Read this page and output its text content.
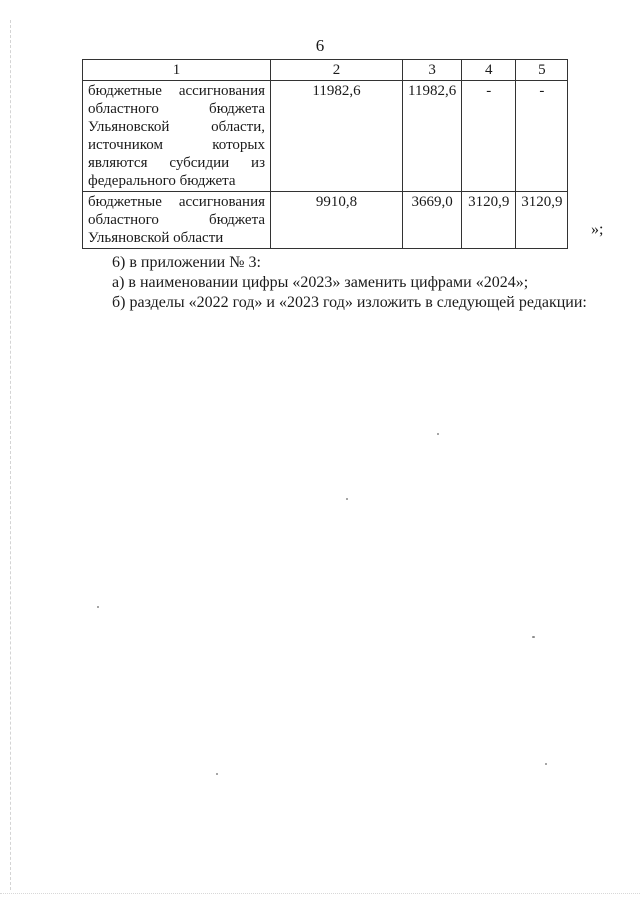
6
1	2	3	4	5
бюджетные ассигнования областного бюджета Ульяновской области, источником которых являются субсидии из федерального бюджета	11982,6	11982,6	-	-
бюджетные ассигнования областного бюджета Ульяновской области	9910,8	3669,0	3120,9	3120,9
»;

6) в приложении № 3:

а) в наименовании цифры «2023» заменить цифрами «2024»;

б) разделы «2022 год» и «2023 год» изложить в следующей редакции:
